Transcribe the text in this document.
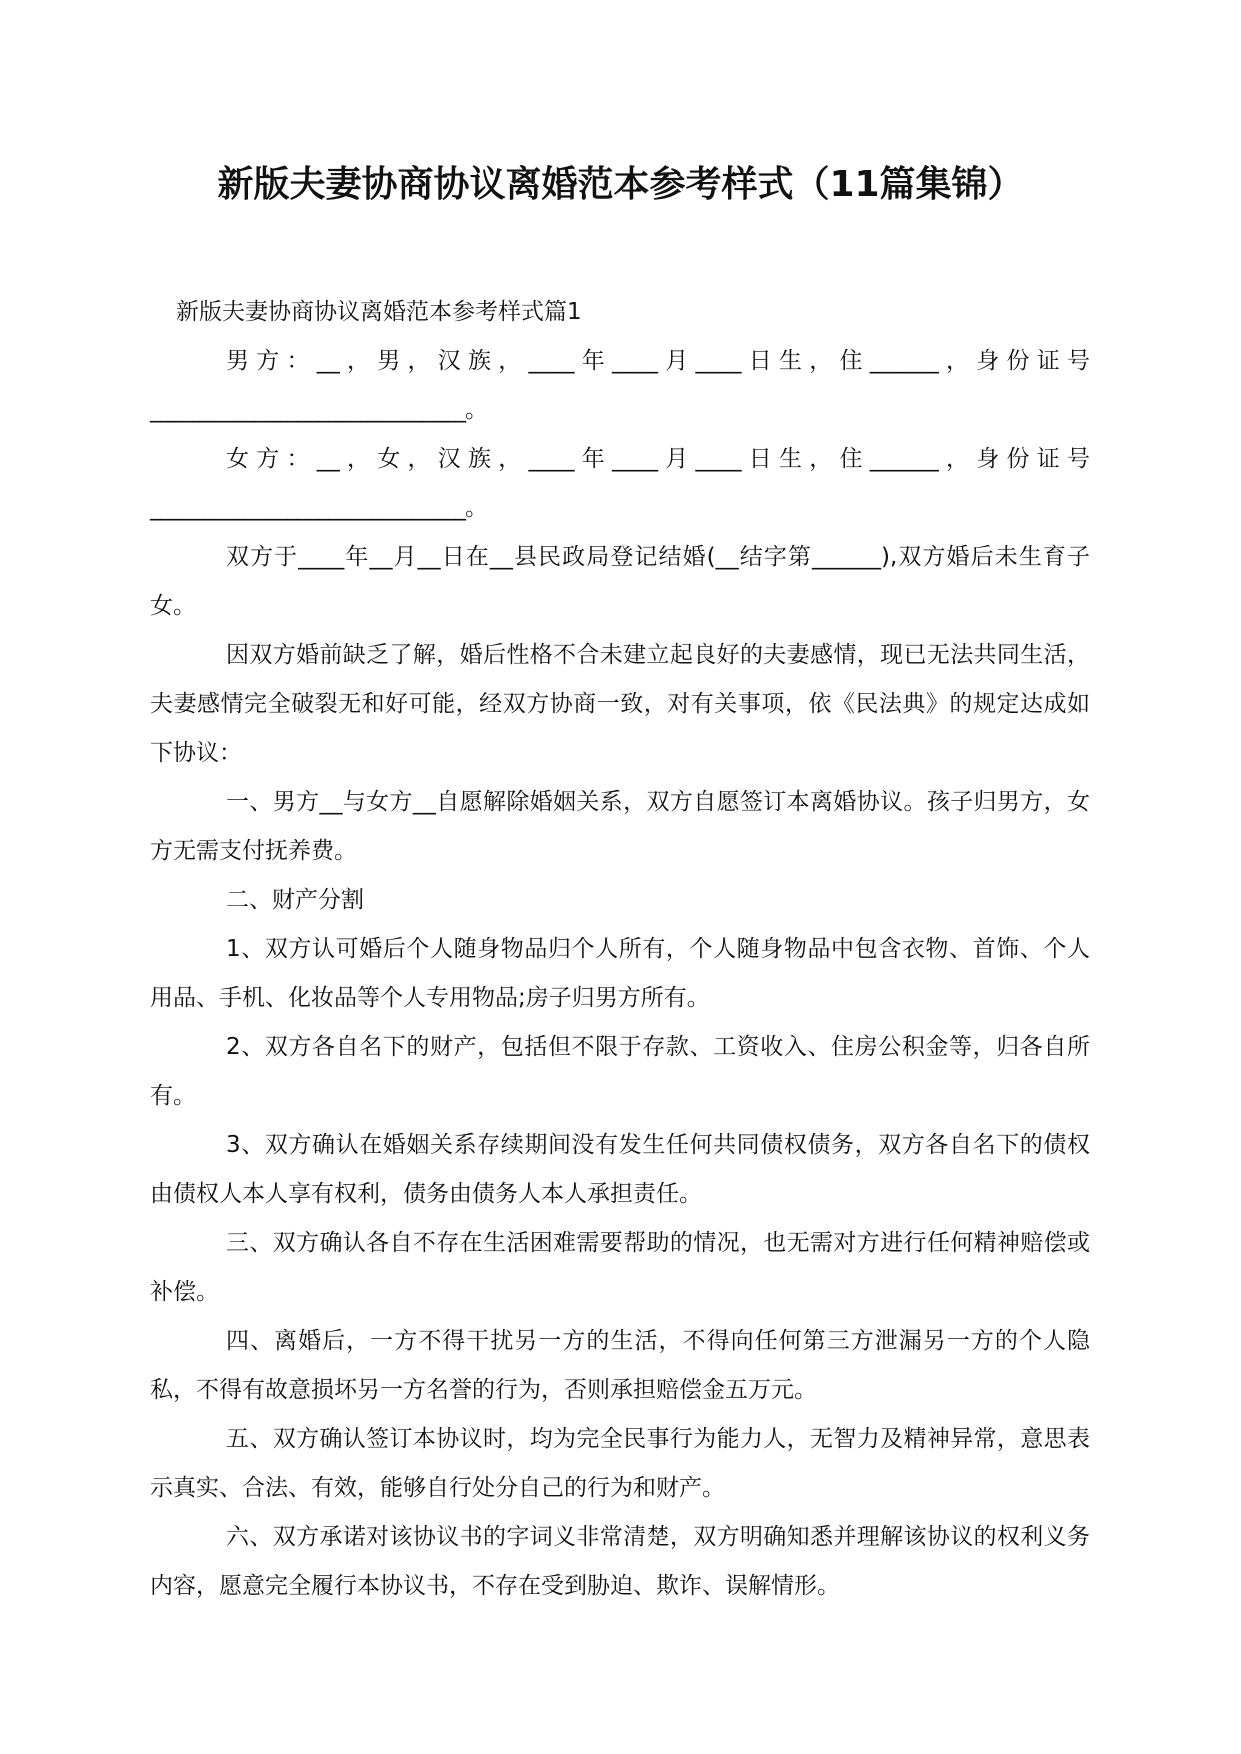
新版夫妻协商协议离婚范本参考样式（11篇集锦）

新版夫妻协商协议离婚范本参考样式篇1

男方：__，男，汉族，____年____月____日生，住______，身份证号

______________________________。

女方：__，女，汉族，____年____月____日生，住______，身份证号

______________________________。

双方于____年__月__日在__县民政局登记结婚(__结字第______),双方婚后未生育子女。

因双方婚前缺乏了解，婚后性格不合未建立起良好的夫妻感情，现已无法共同生活，夫妻感情完全破裂无和好可能，经双方协商一致，对有关事项，依《民法典》的规定达成如下协议：

一、男方__与女方__自愿解除婚姻关系，双方自愿签订本离婚协议。孩子归男方，女方无需支付抚养费。

二、财产分割

1、双方认可婚后个人随身物品归个人所有，个人随身物品中包含衣物、首饰、个人用品、手机、化妆品等个人专用物品;房子归男方所有。

2、双方各自名下的财产，包括但不限于存款、工资收入、住房公积金等，归各自所有。

3、双方确认在婚姻关系存续期间没有发生任何共同债权债务，双方各自名下的债权由债权人本人享有权利，债务由债务人本人承担责任。

三、双方确认各自不存在生活困难需要帮助的情况，也无需对方进行任何精神赔偿或补偿。

四、离婚后，一方不得干扰另一方的生活，不得向任何第三方泄漏另一方的个人隐私，不得有故意损坏另一方名誉的行为，否则承担赔偿金五万元。

五、双方确认签订本协议时，均为完全民事行为能力人，无智力及精神异常，意思表示真实、合法、有效，能够自行处分自己的行为和财产。

六、双方承诺对该协议书的字词义非常清楚，双方明确知悉并理解该协议的权利义务内容，愿意完全履行本协议书，不存在受到胁迫、欺诈、误解情形。
